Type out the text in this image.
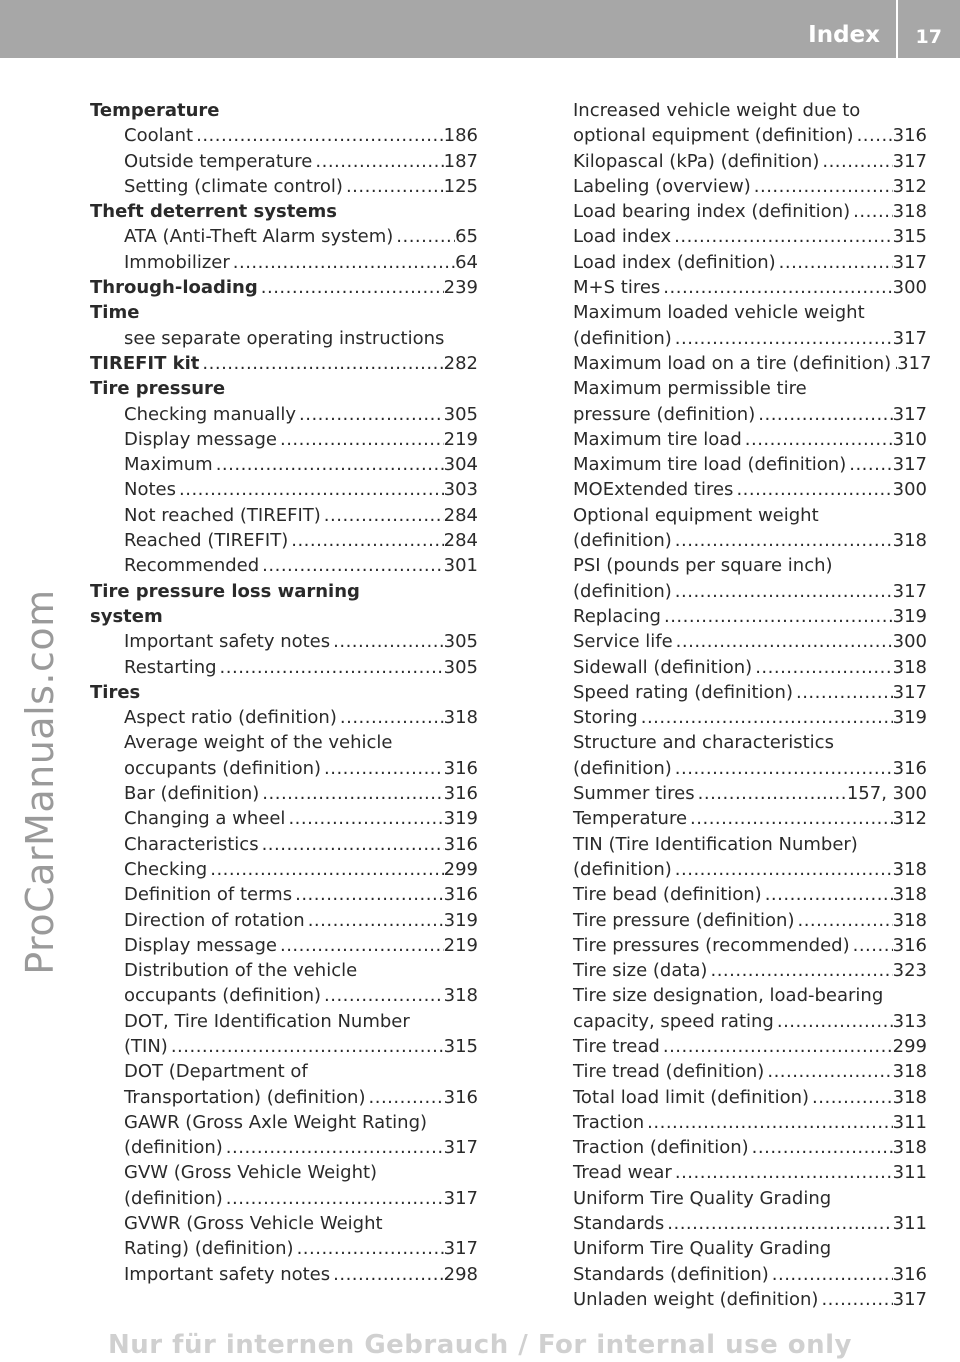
Index 17
ProCarManuals.com
Temperature
Coolant .....	186
Outside temperature .....	187
Setting (climate control) .....	125
Theft deterrent systems
ATA (Anti-Theft Alarm system) .....	65
Immobilizer .....	64
Through-loading .....	239
Time
see separate operating instructions
TIREFIT kit .....	282
Tire pressure
Checking manually .....	305
Display message .....	219
Maximum .....	304
Notes .....	303
Not reached (TIREFIT) .....	284
Reached (TIREFIT) .....	284
Recommended .....	301
Tire pressure loss warning
system
Important safety notes .....	305
Restarting .....	305
Tires
Aspect ratio (definition) .....	318
Average weight of the vehicle
occupants (definition) .....	316
Bar (definition) .....	316
Changing a wheel .....	319
Characteristics .....	316
Checking .....	299
Definition of terms .....	316
Direction of rotation .....	319
Display message .....	219
Distribution of the vehicle
occupants (definition) .....	318
DOT, Tire Identification Number
(TIN) .....	315
DOT (Department of
Transportation) (definition) .....	316
GAWR (Gross Axle Weight Rating)
(definition) .....	317
GVW (Gross Vehicle Weight)
(definition) .....	317
GVWR (Gross Vehicle Weight
Rating) (definition) .....	317
Important safety notes .....	298
Increased vehicle weight due to
optional equipment (definition) ..... 316
Kilopascal (kPa) (definition) .....	317
Labeling (overview) .....	312
Load bearing index (definition) ..... 318
Load index .....	315
Load index (definition) .....	317
M+S tires .....	300
Maximum loaded vehicle weight
(definition) .....	317
Maximum load on a tire (definition) ..... 317
Maximum permissible tire
pressure (definition) .....	317
Maximum tire load .....	310
Maximum tire load (definition) .....	317
MOExtended tires .....	300
Optional equipment weight
(definition) .....	318
PSI (pounds per square inch)
(definition) .....	317
Replacing .....	319
Service life .....	300
Sidewall (definition) .....	318
Speed rating (definition) .....	317
Storing .....	319
Structure and characteristics
(definition) .....	316
Summer tires .....	157, 300
Temperature .....	312
TIN (Tire Identification Number)
(definition) .....	318
Tire bead (definition) .....	318
Tire pressure (definition) .....	318
Tire pressures (recommended) ..... 316
Tire size (data) .....	323
Tire size designation, load-bearing
capacity, speed rating .....	313
Tire tread .....	299
Tire tread (definition) .....	318
Total load limit (definition) .....	318
Traction .....	311
Traction (definition) .....	318
Tread wear .....	311
Uniform Tire Quality Grading
Standards .....	311
Uniform Tire Quality Grading
Standards (definition) .....	316
Unladen weight (definition) .....	317
Nur für internen Gebrauch / For internal use only
